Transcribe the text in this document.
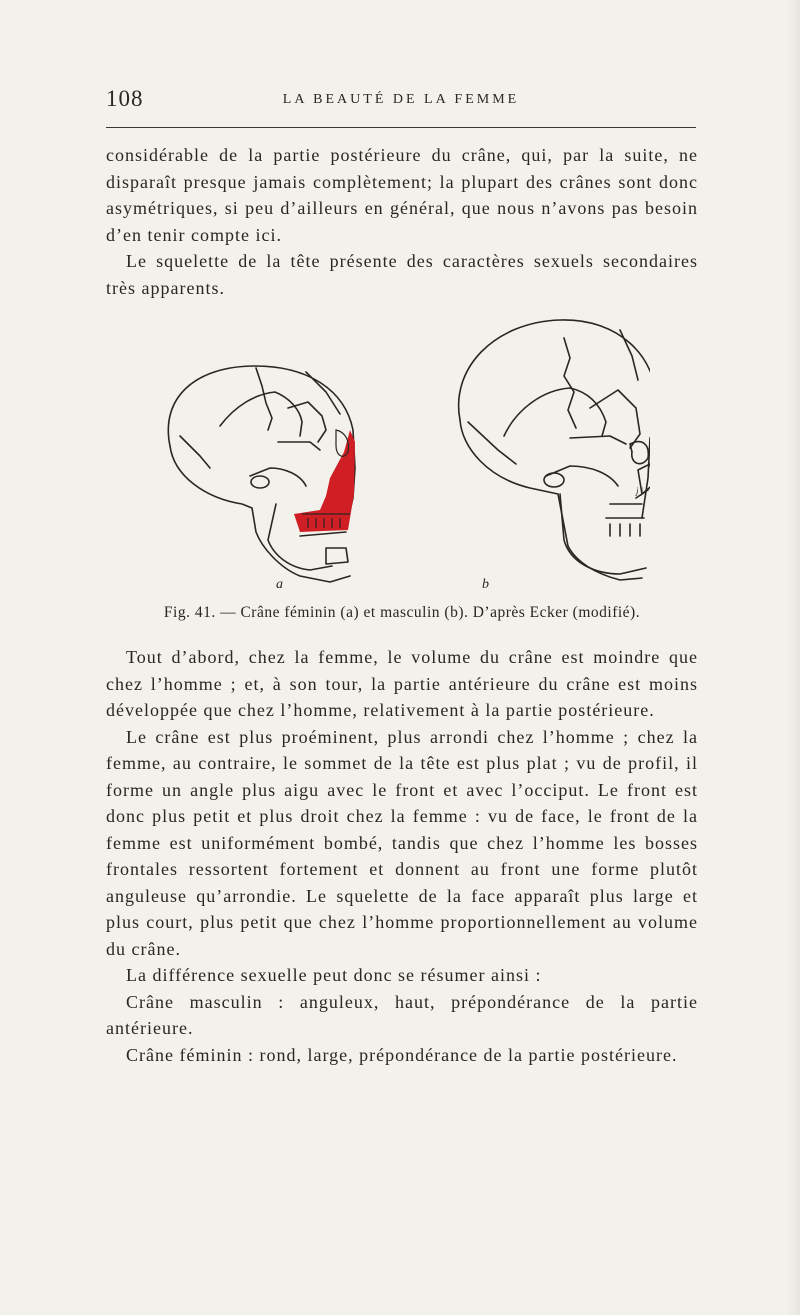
108	LA BEAUTÉ DE LA FEMME

considérable de la partie postérieure du crâne, qui, par la suite, ne disparaît presque jamais complètement; la plupart des crânes sont donc asymétriques, si peu d’ailleurs en général, que nous n’avons pas besoin d’en tenir compte ici.

Le squelette de la tête présente des caractères sexuels secondaires très apparents.

j j
a	b
Fig. 41. — Crâne féminin (a) et masculin (b). D’après Ecker (modifié).

Tout d’abord, chez la femme, le volume du crâne est moindre que chez l’homme ; et, à son tour, la partie antérieure du crâne est moins développée que chez l’homme, relativement à la partie postérieure.

Le crâne est plus proéminent, plus arrondi chez l’homme ; chez la femme, au contraire, le sommet de la tête est plus plat ; vu de profil, il forme un angle plus aigu avec le front et avec l’occiput. Le front est donc plus petit et plus droit chez la femme : vu de face, le front de la femme est uniformément bombé, tandis que chez l’homme les bosses frontales ressortent fortement et donnent au front une forme plutôt anguleuse qu’arrondie. Le squelette de la face apparaît plus large et plus court, plus petit que chez l’homme proportionnellement au volume du crâne.

La différence sexuelle peut donc se résumer ainsi :

Crâne masculin : anguleux, haut, prépondérance de la partie antérieure.

Crâne féminin : rond, large, prépondérance de la partie postérieure.
